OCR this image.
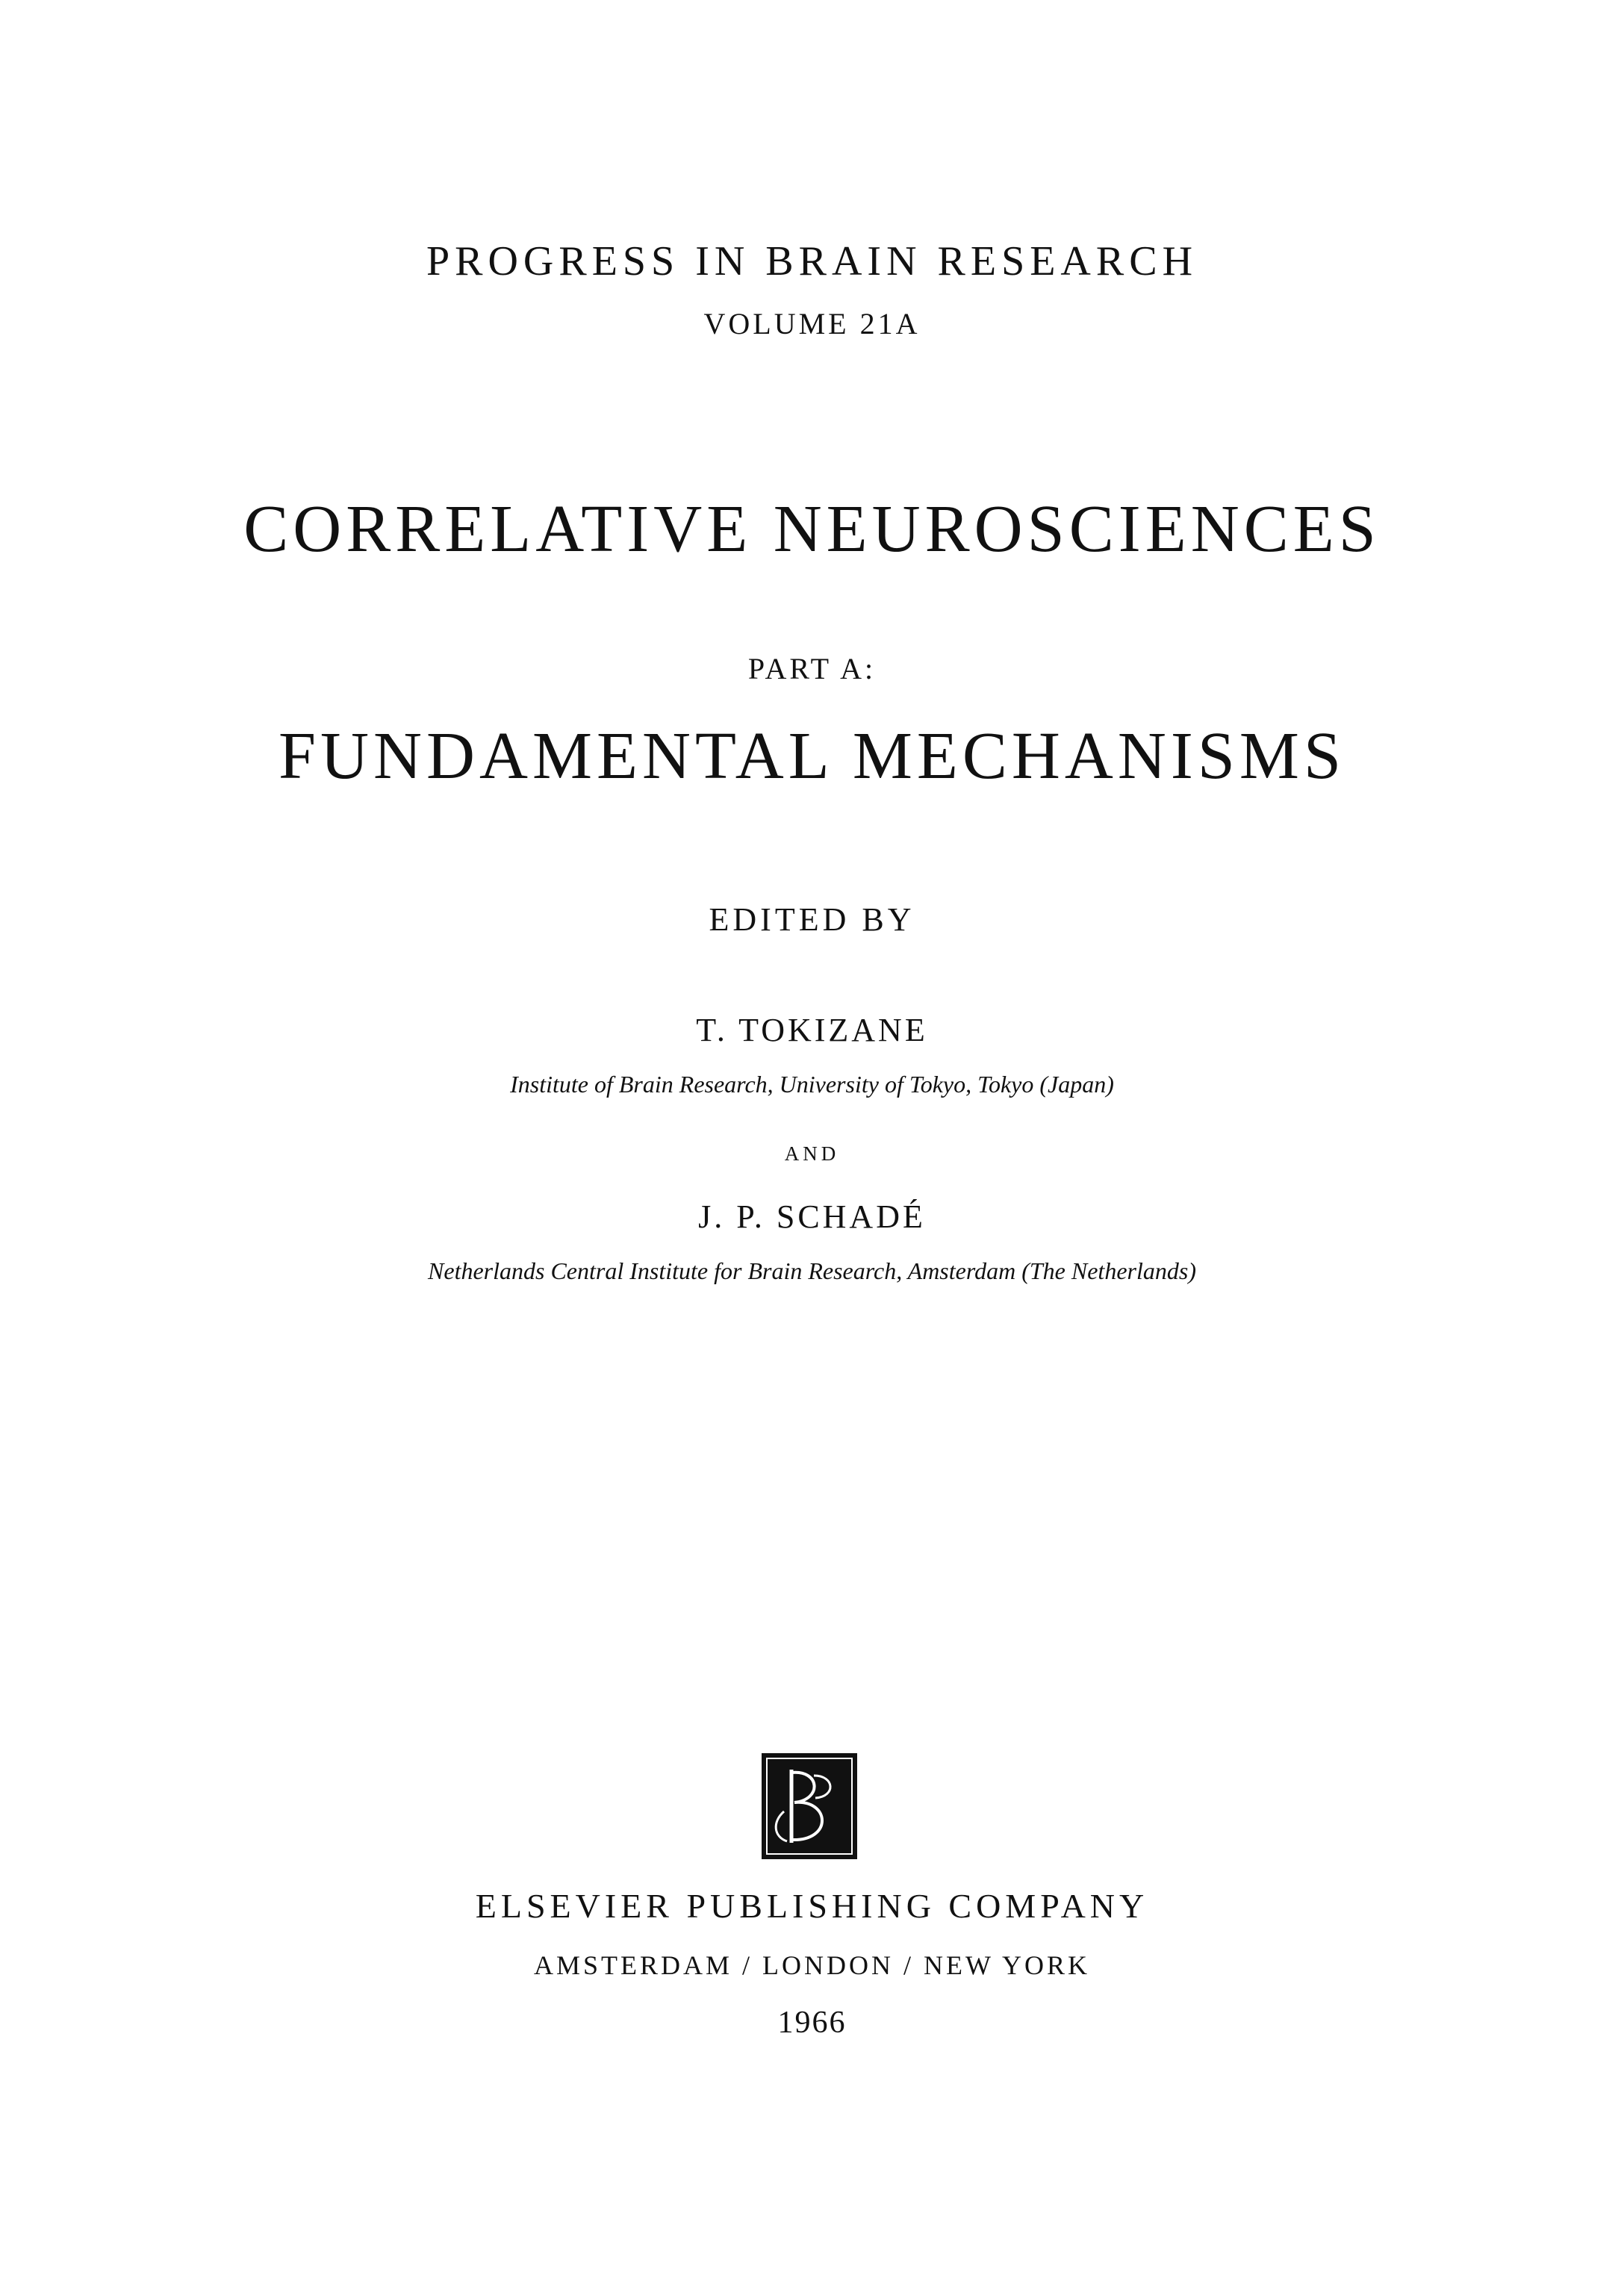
PROGRESS IN BRAIN RESEARCH
VOLUME 21A
CORRELATIVE NEUROSCIENCES
PART A:
FUNDAMENTAL MECHANISMS
EDITED BY
T. TOKIZANE
Institute of Brain Research, University of Tokyo, Tokyo (Japan)
AND
J. P. SCHADÉ
Netherlands Central Institute for Brain Research, Amsterdam (The Netherlands)
ELSEVIER PUBLISHING COMPANY
AMSTERDAM / LONDON / NEW YORK
1966
